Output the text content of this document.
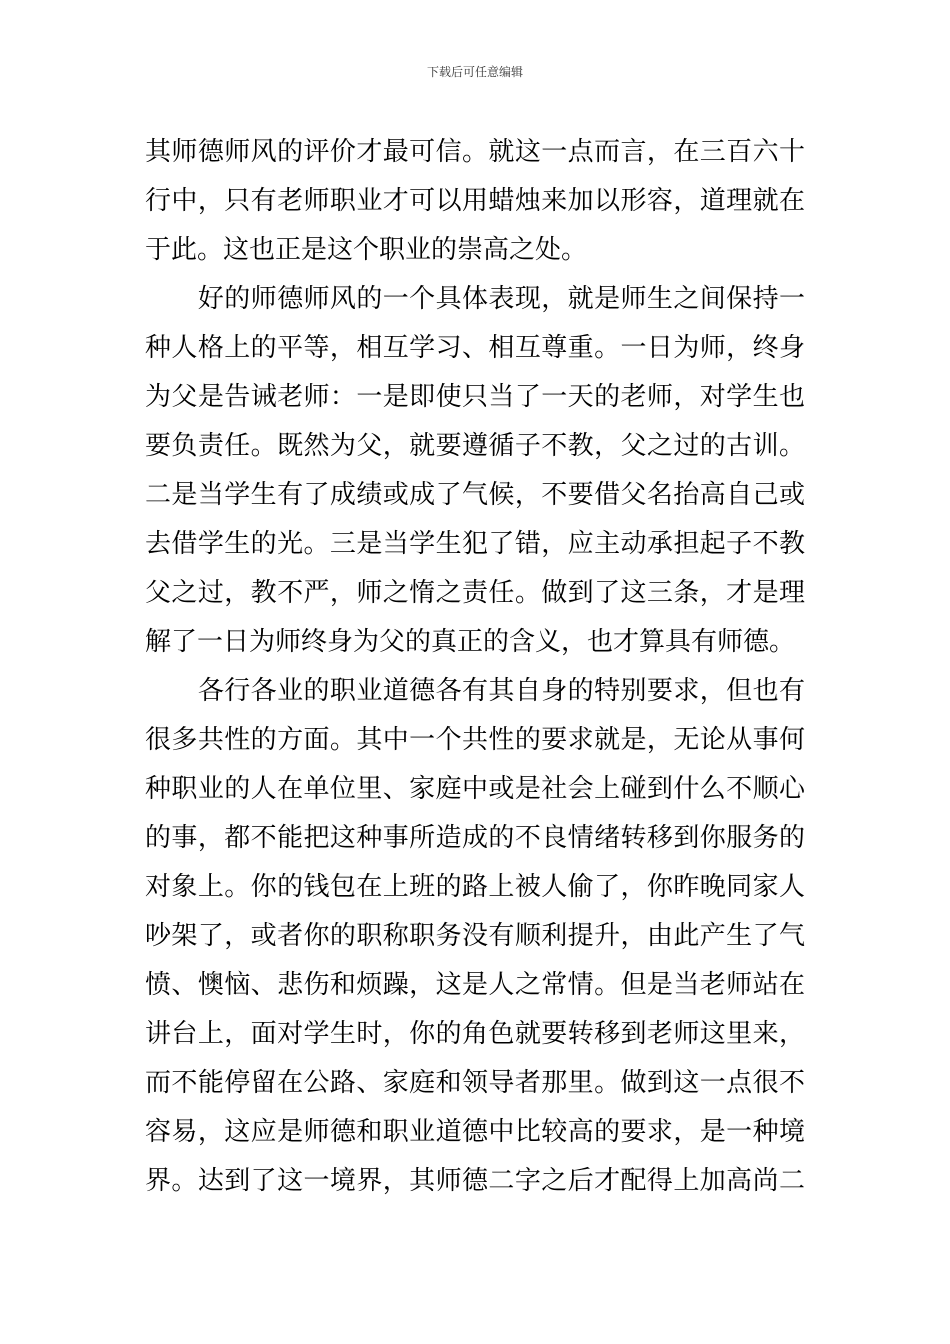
下载后可任意编辑
其师德师风的评价才最可信。就这一点而言，在三百六十
行中，只有老师职业才可以用蜡烛来加以形容，道理就在
于此。这也正是这个职业的崇高之处。
　　好的师德师风的一个具体表现，就是师生之间保持一
种人格上的平等，相互学习、相互尊重。一日为师，终身
为父是告诫老师：一是即使只当了一天的老师，对学生也
要负责任。既然为父，就要遵循子不教，父之过的古训。
二是当学生有了成绩或成了气候，不要借父名抬高自己或
去借学生的光。三是当学生犯了错，应主动承担起子不教
父之过，教不严，师之惰之责任。做到了这三条，才是理
解了一日为师终身为父的真正的含义，也才算具有师德。
　　各行各业的职业道德各有其自身的特别要求，但也有
很多共性的方面。其中一个共性的要求就是，无论从事何
种职业的人在单位里、家庭中或是社会上碰到什么不顺心
的事，都不能把这种事所造成的不良情绪转移到你服务的
对象上。你的钱包在上班的路上被人偷了，你昨晚同家人
吵架了，或者你的职称职务没有顺利提升，由此产生了气
愤、懊恼、悲伤和烦躁，这是人之常情。但是当老师站在
讲台上，面对学生时，你的角色就要转移到老师这里来，
而不能停留在公路、家庭和领导者那里。做到这一点很不
容易，这应是师德和职业道德中比较高的要求，是一种境
界。达到了这一境界，其师德二字之后才配得上加高尚二
